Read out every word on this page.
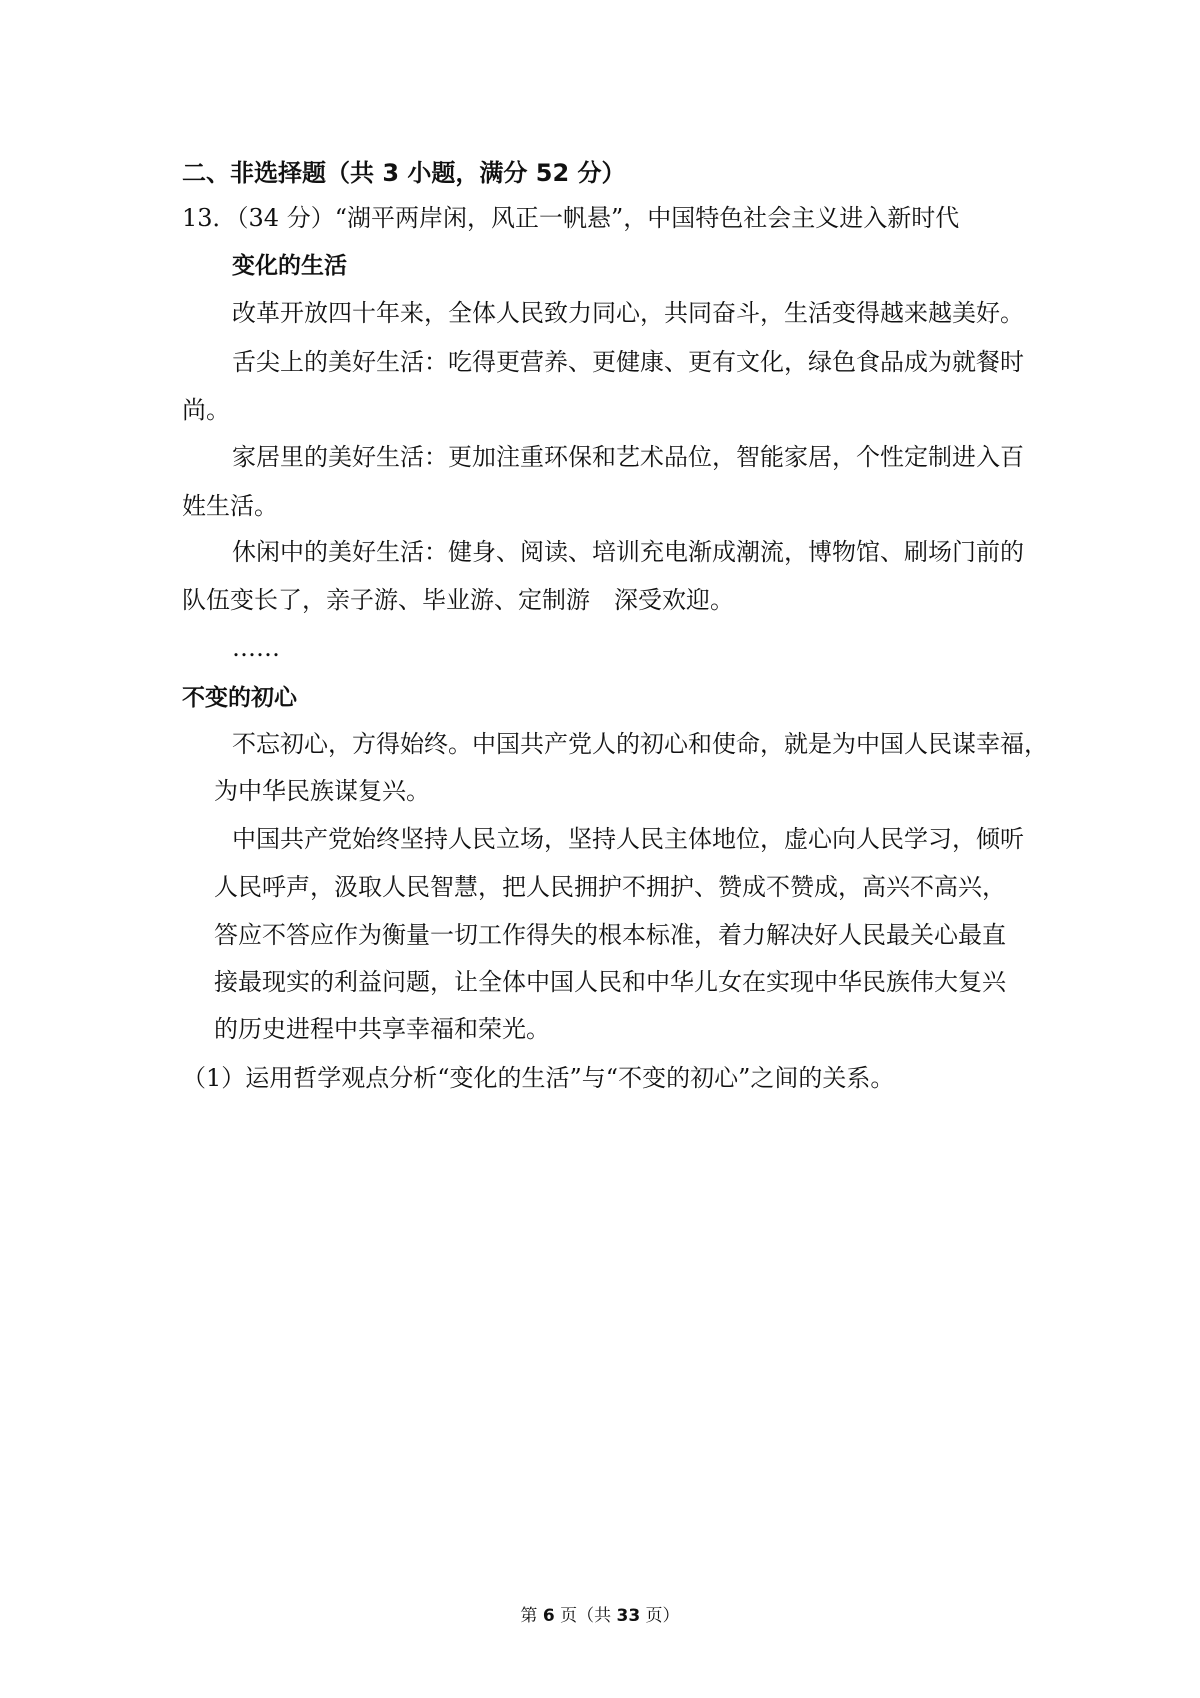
二、非选择题（共 3 小题，满分 52 分）
13．（34 分）“湖平两岸闲，风正一帆悬”，中国特色社会主义进入新时代
变化的生活
改革开放四十年来，全体人民致力同心，共同奋斗，生活变得越来越美好。
舌尖上的美好生活：吃得更营养、更健康、更有文化，绿色食品成为就餐时
尚。
家居里的美好生活：更加注重环保和艺术品位，智能家居，个性定制进入百
姓生活。
休闲中的美好生活：健身、阅读、培训充电渐成潮流，博物馆、刷场门前的
队伍变长了，亲子游、毕业游、定制游　深受欢迎。
……
不变的初心
不忘初心，方得始终。中国共产党人的初心和使命，就是为中国人民谋幸福，
为中华民族谋复兴。
中国共产党始终坚持人民立场，坚持人民主体地位，虚心向人民学习，倾听
人民呼声，汲取人民智慧，把人民拥护不拥护、赞成不赞成，高兴不高兴，
答应不答应作为衡量一切工作得失的根本标准，着力解决好人民最关心最直
接最现实的利益问题，让全体中国人民和中华儿女在实现中华民族伟大复兴
的历史进程中共享幸福和荣光。
（1）运用哲学观点分析“变化的生活”与“不变的初心”之间的关系。
第 6 页（共 33 页）
